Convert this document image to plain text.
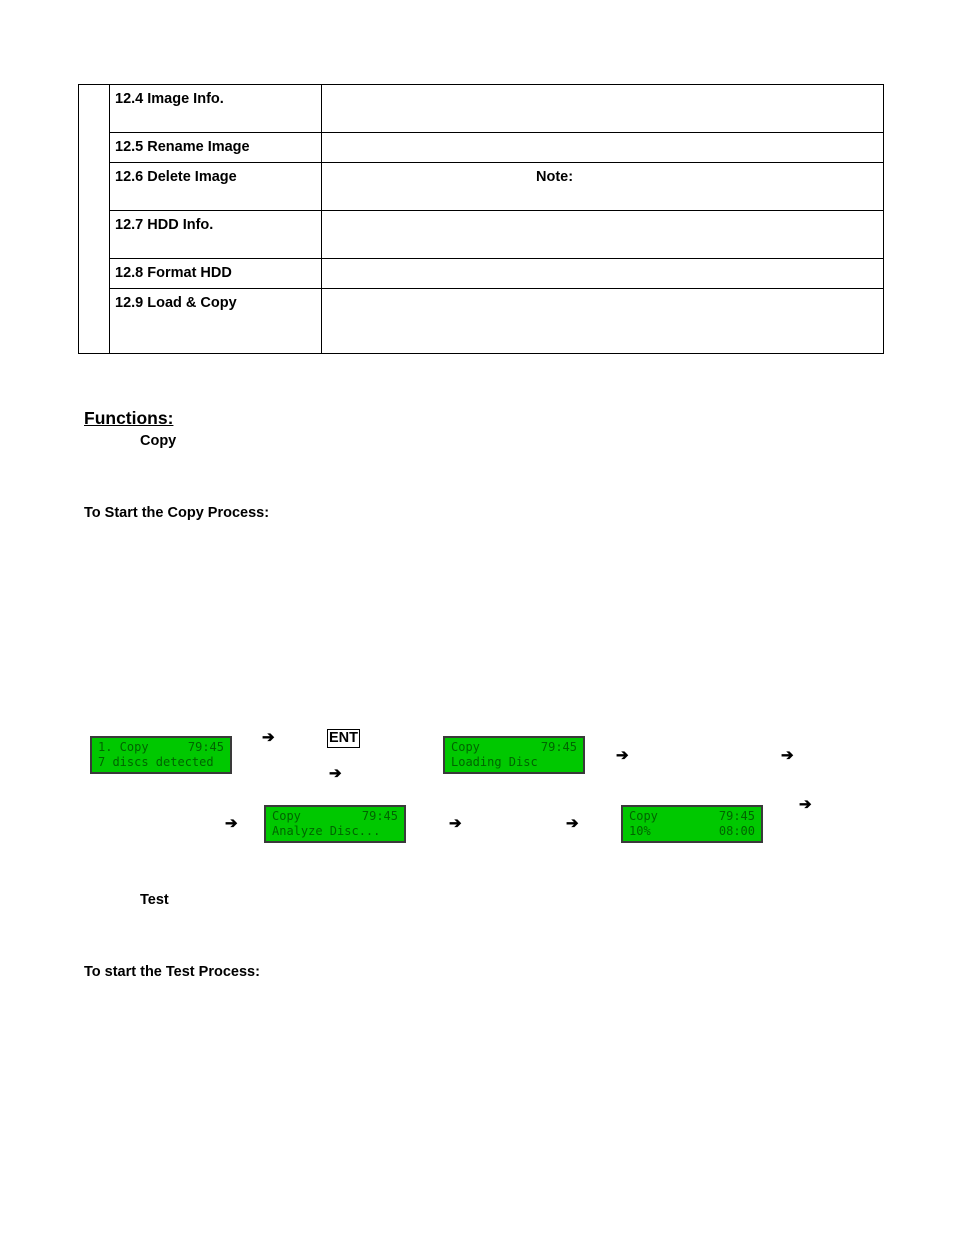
	12.4 Image Info.	
	12.5 Rename Image	
	12.6 Delete Image	Note:

	12.7 HDD Info.	
	12.8 Format HDD	
	12.9 Load & Copy	
Functions:
Copy
To Start the Copy Process:
1. Copy	79:45
7 discs detected
➔	ENT
➔
Copy	79:45
Loading Disc	➔	➔
➔
➔	Copy	79:45
Analyze Disc...	➔	➔	Copy	79:45
10%	08:00
Test
To start the Test Process:
